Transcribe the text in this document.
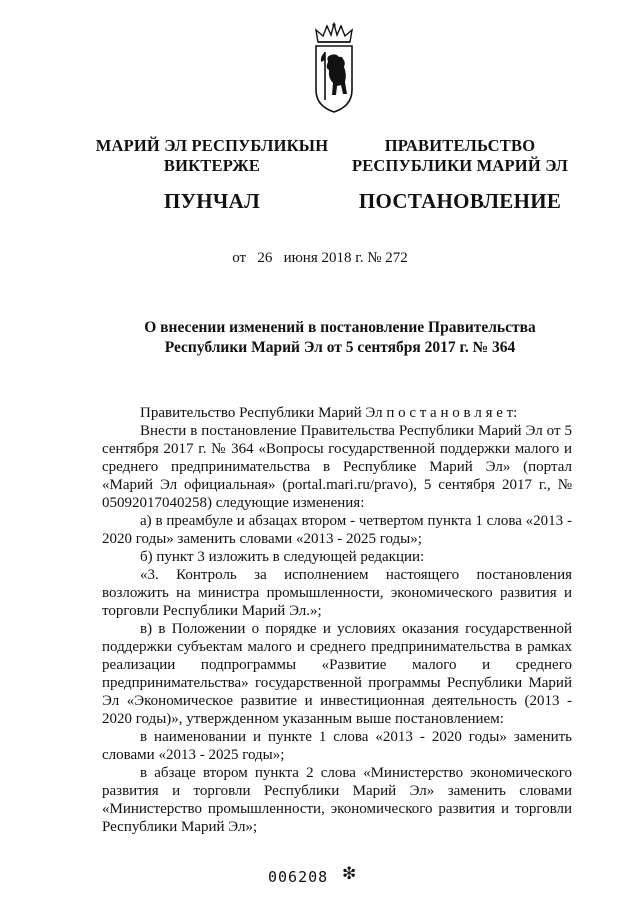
МАРИЙ ЭЛ РЕСПУБЛИКЫН
ВИКТЕРЖЕ
ПУНЧАЛ
ПРАВИТЕЛЬСТВО
РЕСПУБЛИКИ МАРИЙ ЭЛ
ПОСТАНОВЛЕНИЕ
от 26 июня 2018 г. № 272
О внесении изменений в постановление Правительства
Республики Марий Эл от 5 сентября 2017 г. № 364

Правительство Республики Марий Эл п о с т а н о в л я е т:

Внести в постановление Правительства Республики Марий Эл от 5 сентября 2017 г. № 364 «Вопросы государственной поддержки малого и среднего предпринимательства в Республике Марий Эл» (портал «Марий Эл официальная» (portal.mari.ru/pravo), 5 сентября 2017 г., № 05092017040258) следующие изменения:

а) в преамбуле и абзацах втором - четвертом пункта 1 слова «2013 - 2020 годы» заменить словами «2013 - 2025 годы»;

б) пункт 3 изложить в следующей редакции:

«3. Контроль за исполнением настоящего постановления возложить на министра промышленности, экономического развития и торговли Республики Марий Эл.»;

в) в Положении о порядке и условиях оказания государственной поддержки субъектам малого и среднего предпринимательства в рамках реализации подпрограммы «Развитие малого и среднего предпринимательства» государственной программы Республики Марий Эл «Экономическое развитие и инвестиционная деятельность (2013 - 2020 годы)», утвержденном указанным выше постановлением:

в наименовании и пункте 1 слова «2013 - 2020 годы» заменить словами «2013 - 2025 годы»;

в абзаце втором пункта 2 слова «Министерство экономического развития и торговли Республики Марий Эл» заменить словами «Министерство промышленности, экономического развития и торговли Республики Марий Эл»;

006208 ❇
